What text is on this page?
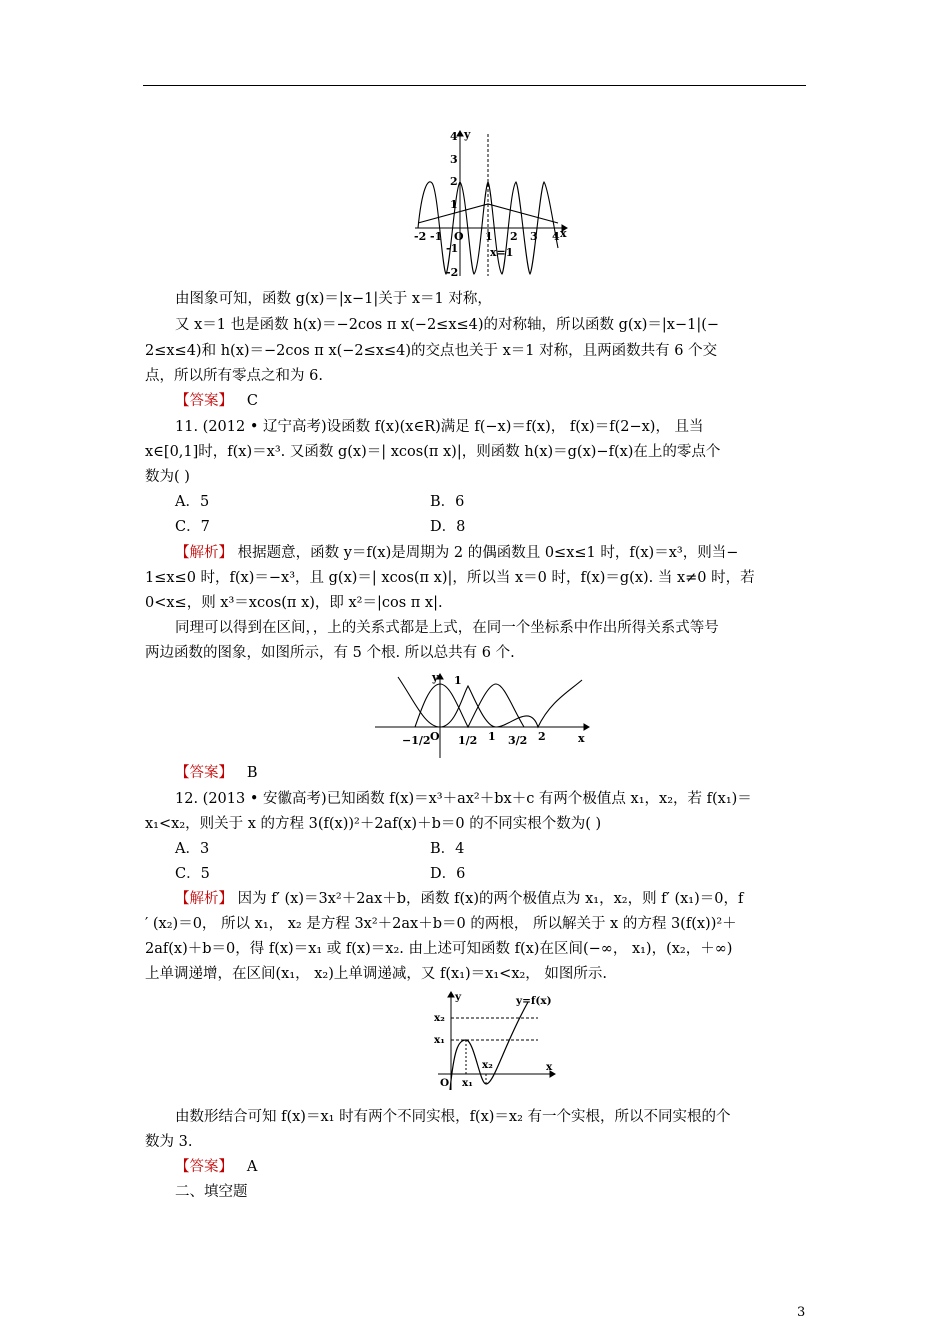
y
4
3
2
1
-1
-2
-2 -1 O 1 2 3 4 x
x=1
由图象可知，函数 g(x)＝|x−1|关于 x＝1 对称，
又 x＝1 也是函数 h(x)＝−2cos π x(−2≤x≤4)的对称轴，所以函数 g(x)＝|x−1|(−
2≤x≤4)和 h(x)＝−2cos π x(−2≤x≤4)的交点也关于 x＝1 对称，且两函数共有 6 个交
点，所以所有零点之和为 6.
【答案】 C
11. (2012 • 辽宁高考)设函数 f(x)(x∈R)满足 f(−x)＝f(x)， f(x)＝f(2−x)， 且当
x∈[0,1]时，f(x)＝x³. 又函数 g(x)＝| xcos(π x)|，则函数 h(x)＝g(x)−f(x)在上的零点个
数为( )
A．5	B．6
C．7	D．8
【解析】 根据题意，函数 y＝f(x)是周期为 2 的偶函数且 0≤x≤1 时，f(x)＝x³，则当−
1≤x≤0 时，f(x)＝−x³，且 g(x)＝| xcos(π x)|，所以当 x＝0 时，f(x)＝g(x). 当 x≠0 时，若
0<x≤，则 x³＝xcos(π x)，即 x²＝|cos π x|.
同理可以得到在区间，，上的关系式都是上式，在同一个坐标系中作出所得关系式等号
两边函数的图象，如图所示，有 5 个根. 所以总共有 6 个.
y 1
x
−1/2 O 1/2 1 3/2 2
【答案】 B
12. (2013 • 安徽高考)已知函数 f(x)＝x³＋ax²＋bx＋c 有两个极值点 x₁，x₂，若 f(x₁)＝
x₁<x₂，则关于 x 的方程 3(f(x))²＋2af(x)＋b＝0 的不同实根个数为( )
A．3	B．4
C．5	D．6
【解析】 因为 f′ (x)＝3x²＋2ax＋b，函数 f(x)的两个极值点为 x₁，x₂，则 f′ (x₁)＝0，f
′ (x₂)＝0， 所以 x₁， x₂ 是方程 3x²＋2ax＋b＝0 的两根， 所以解关于 x 的方程 3(f(x))²＋
2af(x)＋b＝0，得 f(x)＝x₁ 或 f(x)＝x₂. 由上述可知函数 f(x)在区间(−∞， x₁)，(x₂，＋∞)
上单调递增，在区间(x₁， x₂)上单调递减，又 f(x₁)＝x₁<x₂， 如图所示.
y	y=f(x)
x₂
x₁
O x₁
x₂	x
由数形结合可知 f(x)＝x₁ 时有两个不同实根，f(x)＝x₂ 有一个实根，所以不同实根的个
数为 3.
【答案】 A
二、填空题
3
